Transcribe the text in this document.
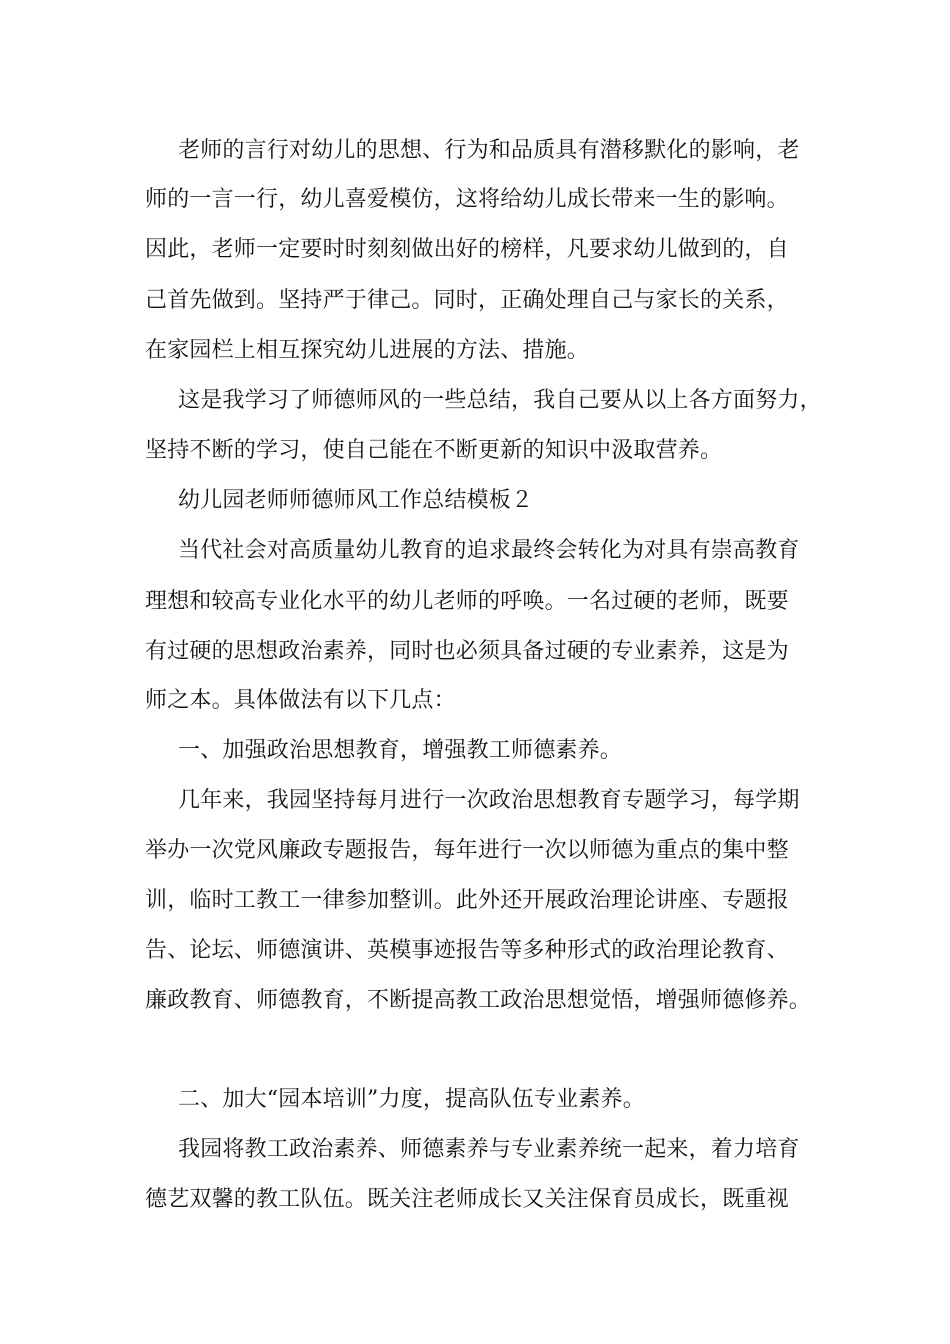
老师的言行对幼儿的思想、行为和品质具有潜移默化的影响，老
师的一言一行，幼儿喜爱模仿，这将给幼儿成长带来一生的影响。
因此，老师一定要时时刻刻做出好的榜样，凡要求幼儿做到的，自
己首先做到。坚持严于律己。同时，正确处理自己与家长的关系，
在家园栏上相互探究幼儿进展的方法、措施。
这是我学习了师德师风的一些总结，我自己要从以上各方面努力，
坚持不断的学习，使自己能在不断更新的知识中汲取营养。
幼儿园老师师德师风工作总结模板２
当代社会对高质量幼儿教育的追求最终会转化为对具有崇高教育
理想和较高专业化水平的幼儿老师的呼唤。一名过硬的老师，既要
有过硬的思想政治素养，同时也必须具备过硬的专业素养，这是为
师之本。具体做法有以下几点：
一、加强政治思想教育，增强教工师德素养。
几年来，我园坚持每月进行一次政治思想教育专题学习，每学期
举办一次党风廉政专题报告，每年进行一次以师德为重点的集中整
训，临时工教工一律参加整训。此外还开展政治理论讲座、专题报
告、论坛、师德演讲、英模事迹报告等多种形式的政治理论教育、
廉政教育、师德教育，不断提高教工政治思想觉悟，增强师德修养。
二、加大“园本培训”力度，提高队伍专业素养。
我园将教工政治素养、师德素养与专业素养统一起来，着力培育
德艺双馨的教工队伍。既关注老师成长又关注保育员成长，既重视
